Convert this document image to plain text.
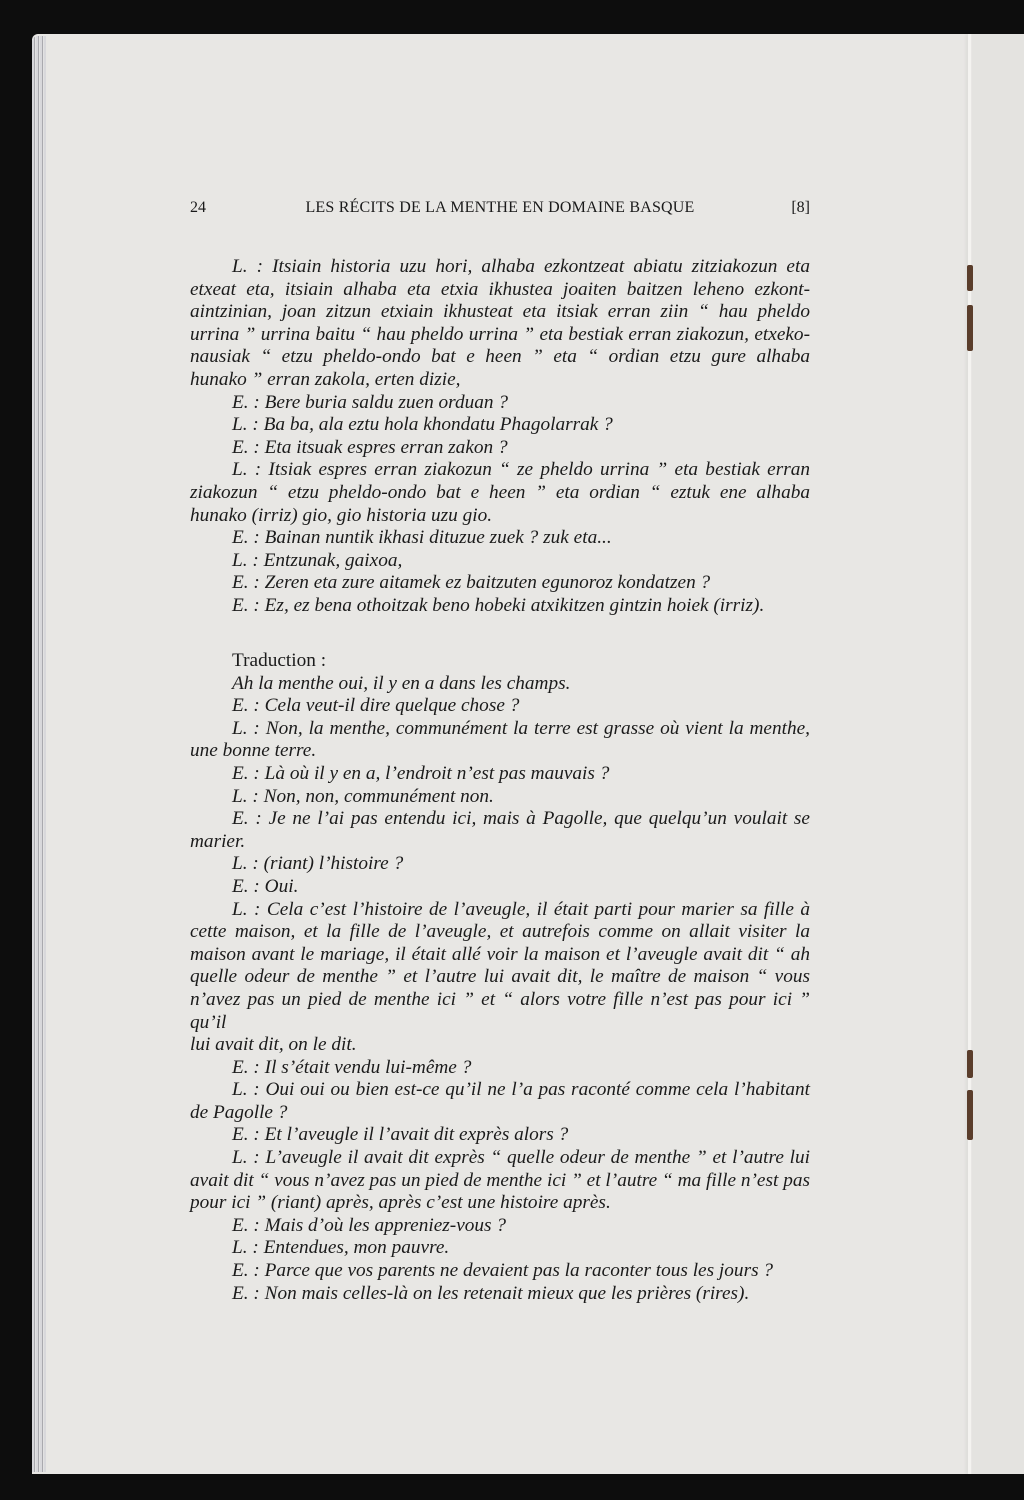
24	LES RÉCITS DE LA MENTHE EN DOMAINE BASQUE	[8]
L. : Itsiain historia uzu hori, alhaba ezkontzeat abiatu zitziakozun eta
etxeat eta, itsiain alhaba eta etxia ikhustea joaiten baitzen leheno ezkont-
aintzinian, joan zitzun etxiain ikhusteat eta itsiak erran ziin “ hau pheldo
urrina ” urrina baitu “ hau pheldo urrina ” eta bestiak erran ziakozun, etxeko-
nausiak “ etzu pheldo-ondo bat e heen ” eta “ ordian etzu gure alhaba
hunako ” erran zakola, erten dizie,
E. : Bere buria saldu zuen orduan ?
L. : Ba ba, ala eztu hola khondatu Phagolarrak ?
E. : Eta itsuak espres erran zakon ?
L. : Itsiak espres erran ziakozun “ ze pheldo urrina ” eta bestiak erran
ziakozun “ etzu pheldo-ondo bat e heen ” eta ordian “ eztuk ene alhaba
hunako (irriz) gio, gio historia uzu gio.
E. : Bainan nuntik ikhasi dituzue zuek ? zuk eta...
L. : Entzunak, gaixoa,
E. : Zeren eta zure aitamek ez baitzuten egunoroz kondatzen ?
E. : Ez, ez bena othoitzak beno hobeki atxikitzen gintzin hoiek (irriz).
Traduction :
Ah la menthe oui, il y en a dans les champs.
E. : Cela veut-il dire quelque chose ?
L. : Non, la menthe, communément la terre est grasse où vient la menthe,
une bonne terre.
E. : Là où il y en a, l’endroit n’est pas mauvais ?
L. : Non, non, communément non.
E. : Je ne l’ai pas entendu ici, mais à Pagolle, que quelqu’un voulait se
marier.
L. : (riant) l’histoire ?
E. : Oui.
L. : Cela c’est l’histoire de l’aveugle, il était parti pour marier sa fille à
cette maison, et la fille de l’aveugle, et autrefois comme on allait visiter la
maison avant le mariage, il était allé voir la maison et l’aveugle avait dit “ ah
quelle odeur de menthe ” et l’autre lui avait dit, le maître de maison “ vous
n’avez pas un pied de menthe ici ” et “ alors votre fille n’est pas pour ici ” qu’il
lui avait dit, on le dit.
E. : Il s’était vendu lui-même ?
L. : Oui oui ou bien est-ce qu’il ne l’a pas raconté comme cela l’habitant
de Pagolle ?
E. : Et l’aveugle il l’avait dit exprès alors ?
L. : L’aveugle il avait dit exprès “ quelle odeur de menthe ” et l’autre lui
avait dit “ vous n’avez pas un pied de menthe ici ” et l’autre “ ma fille n’est pas
pour ici ” (riant) après, après c’est une histoire après.
E. : Mais d’où les appreniez-vous ?
L. : Entendues, mon pauvre.
E. : Parce que vos parents ne devaient pas la raconter tous les jours ?
E. : Non mais celles-là on les retenait mieux que les prières (rires).
